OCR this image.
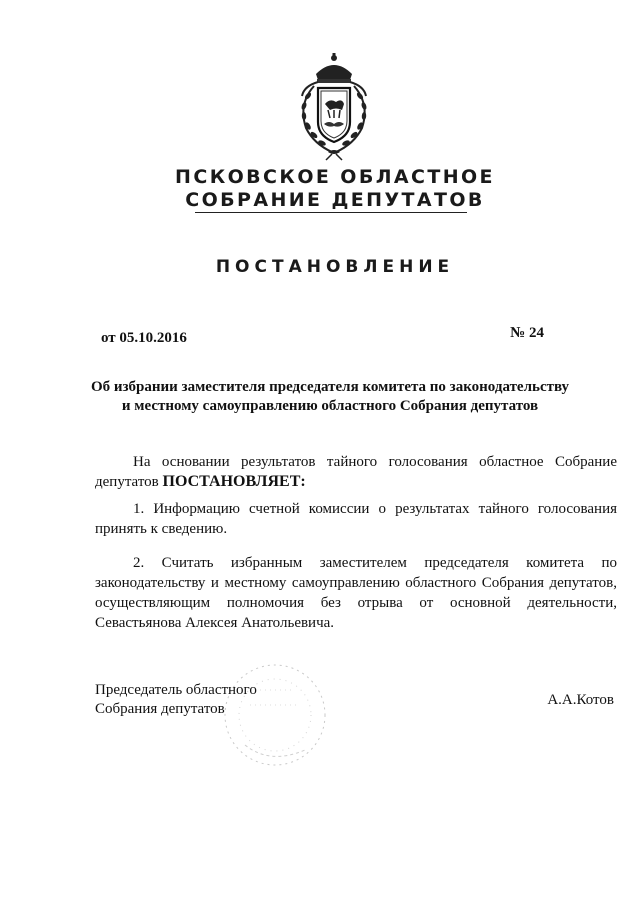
ПСКОВСКОЕ ОБЛАСТНОЕ
СОБРАНИЕ ДЕПУТАТОВ
ПОСТАНОВЛЕНИЕ
от 05.10.2016	№ 24
Об избрании заместителя председателя комитета по законодательству
и местному самоуправлению областного Собрания депутатов
На основании результатов тайного голосования областное Собрание
депутатов ПОСТАНОВЛЯЕТ:
1. Информацию счетной комиссии о результатах тайного голосования
принять к сведению.
2. Считать избранным заместителем председателя комитета по
законодательству и местному самоуправлению областного Собрания депутатов,
осуществляющим полномочия без отрыва от основной деятельности,
Севастьянова Алексея Анатольевича.
Председатель областного
Собрания депутатов
А.А.Котов
